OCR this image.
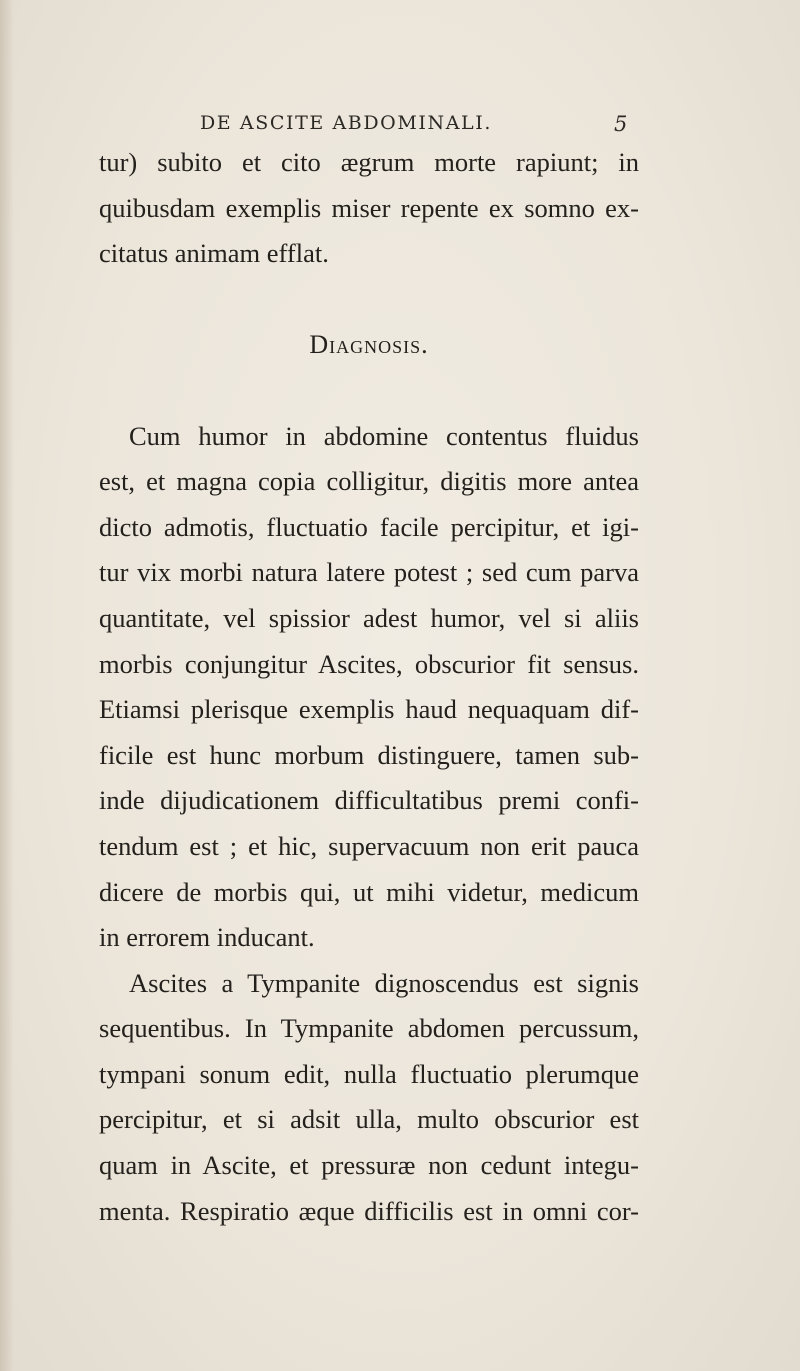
DE ASCITE ABDOMINALI.	5
tur) subito et cito ægrum morte rapiunt; in
quibusdam exemplis miser repente ex somno ex-
citatus animam efflat.
Diagnosis.
Cum humor in abdomine contentus fluidus
est, et magna copia colligitur, digitis more antea
dicto admotis, fluctuatio facile percipitur, et igi-
tur vix morbi natura latere potest ; sed cum parva
quantitate, vel spissior adest humor, vel si aliis
morbis conjungitur Ascites, obscurior fit sensus.
Etiamsi plerisque exemplis haud nequaquam dif-
ficile est hunc morbum distinguere, tamen sub-
inde dijudicationem difficultatibus premi confi-
tendum est ; et hic, supervacuum non erit pauca
dicere de morbis qui, ut mihi videtur, medicum
in errorem inducant.
Ascites a Tympanite dignoscendus est signis
sequentibus. In Tympanite abdomen percussum,
tympani sonum edit, nulla fluctuatio plerumque
percipitur, et si adsit ulla, multo obscurior est
quam in Ascite, et pressuræ non cedunt integu-
menta. Respiratio æque difficilis est in omni cor-
